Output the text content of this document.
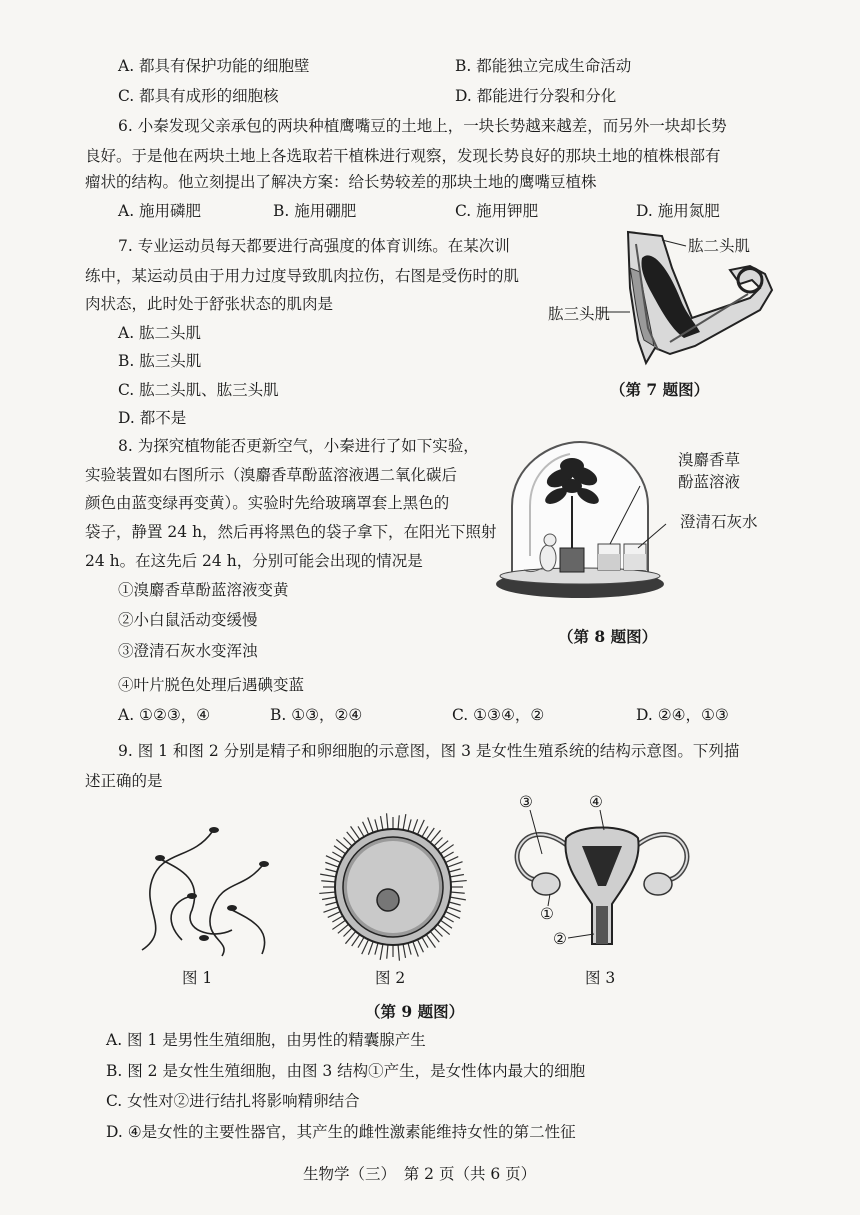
A. 都具有保护功能的细胞壁	B. 都能独立完成生命活动
C. 都具有成形的细胞核	D. 都能进行分裂和分化
6. 小秦发现父亲承包的两块种植鹰嘴豆的土地上，一块长势越来越差，而另外一块却长势
良好。于是他在两块土地上各选取若干植株进行观察，发现长势良好的那块土地的植株根部有
瘤状的结构。他立刻提出了解决方案：给长势较差的那块土地的鹰嘴豆植株
A. 施用磷肥	B. 施用硼肥	C. 施用钾肥	D. 施用氮肥
7. 专业运动员每天都要进行高强度的体育训练。在某次训
练中，某运动员由于用力过度导致肌肉拉伤，右图是受伤时的肌
肉状态，此时处于舒张状态的肌肉是
A. 肱二头肌
B. 肱三头肌
C. 肱二头肌、肱三头肌
D. 都不是
肱二头肌
肱三头肌
（第 7 题图）
8. 为探究植物能否更新空气，小秦进行了如下实验，
实验装置如右图所示（溴麝香草酚蓝溶液遇二氧化碳后
颜色由蓝变绿再变黄）。实验时先给玻璃罩套上黑色的
袋子，静置 24 h，然后再将黑色的袋子拿下，在阳光下照射
24 h。在这先后 24 h，分别可能会出现的情况是
①溴麝香草酚蓝溶液变黄
②小白鼠活动变缓慢
③澄清石灰水变浑浊
④叶片脱色处理后遇碘变蓝
A. ①②③，④	B. ①③，②④	C. ①③④，②	D. ②④，①③
溴麝香草
酚蓝溶液
澄清石灰水
（第 8 题图）
9. 图 1 和图 2 分别是精子和卵细胞的示意图，图 3 是女性生殖系统的结构示意图。下列描
述正确的是
图 1	图 2
③	④
①
②
图 3
（第 9 题图）
A. 图 1 是男性生殖细胞，由男性的精囊腺产生
B. 图 2 是女性生殖细胞，由图 3 结构①产生，是女性体内最大的细胞
C. 女性对②进行结扎将影响精卵结合
D. ④是女性的主要性器官，其产生的雌性激素能维持女性的第二性征
生物学（三）　第 2 页（共 6 页）
